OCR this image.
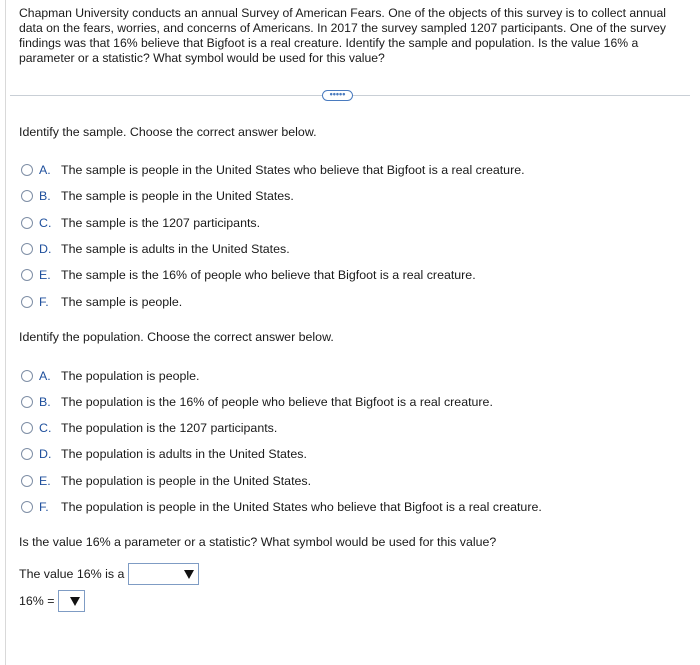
Chapman University conducts an annual Survey of American Fears. One of the objects of this survey is to collect annual data on the fears, worries, and concerns of Americans. In 2017 the survey sampled 1207 participants. One of the survey findings was that 16% believe that Bigfoot is a real creature. Identify the sample and population. Is the value 16% a parameter or a statistic? What symbol would be used for this value?

•••••
Identify the sample. Choose the correct answer below.
A. The sample is people in the United States who believe that Bigfoot is a real creature.
B. The sample is people in the United States.
C. The sample is the 1207 participants.
D. The sample is adults in the United States.
E. The sample is the 16% of people who believe that Bigfoot is a real creature.
F. The sample is people.
Identify the population. Choose the correct answer below.
A. The population is people.
B. The population is the 16% of people who believe that Bigfoot is a real creature.
C. The population is the 1207 participants.
D. The population is adults in the United States.
E. The population is people in the United States.
F. The population is people in the United States who believe that Bigfoot is a real creature.
Is the value 16% a parameter or a statistic? What symbol would be used for this value?
The value 16% is a
16% =
